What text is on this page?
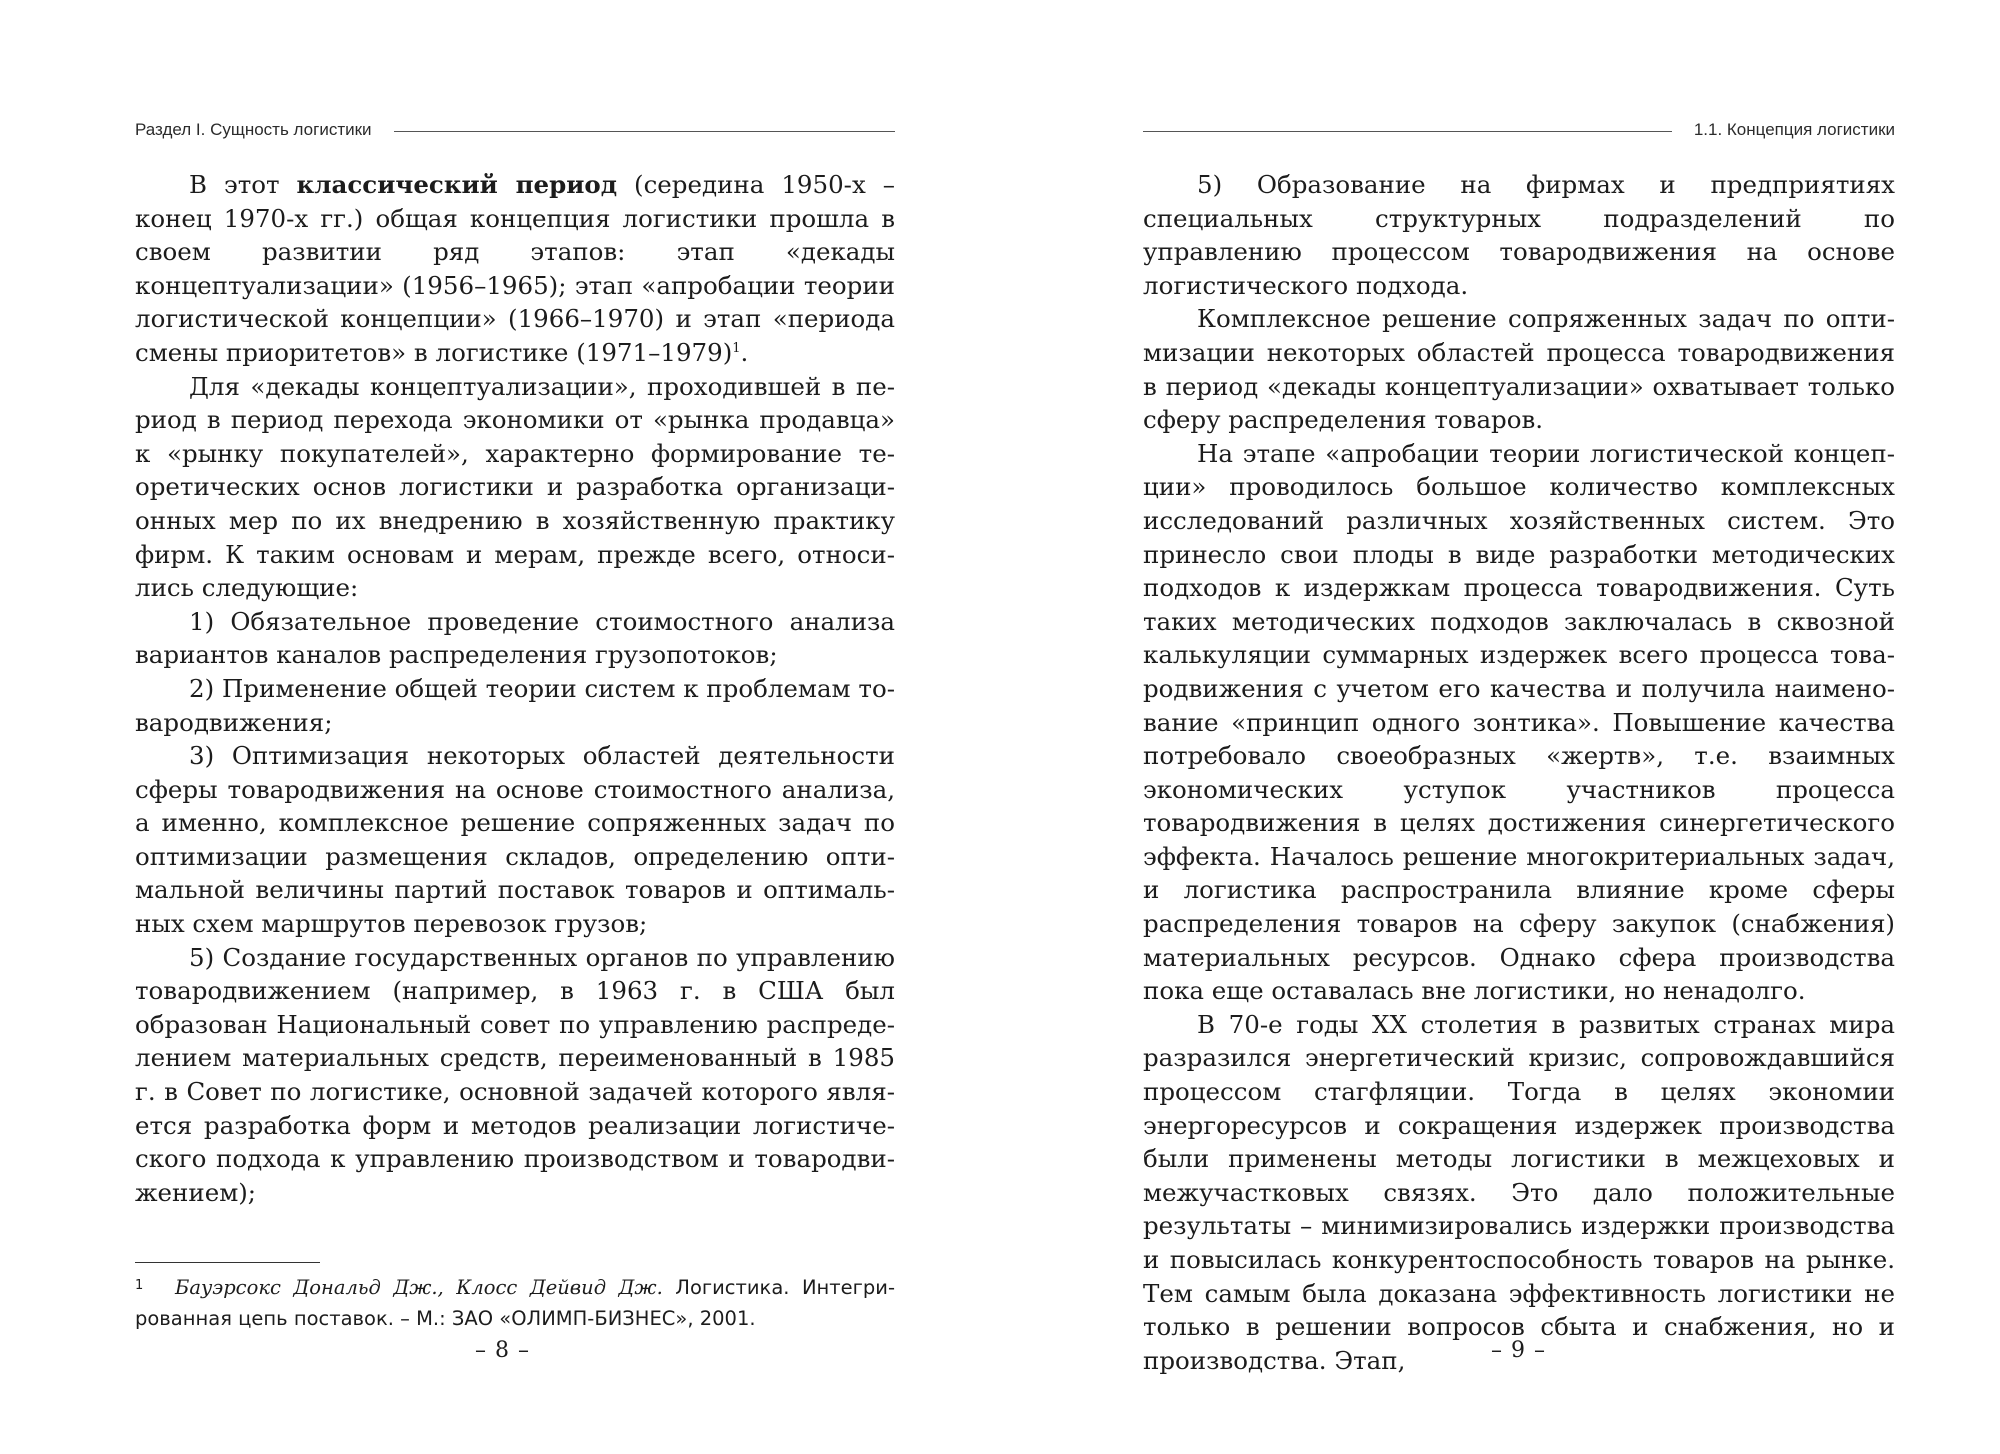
Раздел I. Сущность логистики

В этот классический период (середина 1950-х – конец 1970-х гг.) общая концепция логистики прошла в своем развитии ряд этапов: этап «декады концептуализации» (1956–1965); этап «апробации теории логистической концепции» (1966–1970) и этап «периода смены приоритетов» в логистике (1971–1979)$^1$.

Для «декады концептуализации», проходившей в период в период перехода экономики от «рынка продавца» к «рынку покупателей», характерно формирование теоретических основ логистики и разработка организационных мер по их внедрению в хозяйственную практику фирм. К таким основам и мерам, прежде всего, относились следующие:

1) Обязательное проведение стоимостного анализа вариантов каналов распределения грузопотоков;

2) Применение общей теории систем к проблемам товародвижения;

3) Оптимизация некоторых областей деятельности сферы товародвижения на основе стоимостного анализа, а именно, комплексное решение сопряженных задач по оптимизации размещения складов, определению оптимальной величины партий поставок товаров и оптимальных схем маршрутов перевозок грузов;

5) Создание государственных органов по управлению товародвижением (например, в 1963 г. в США был образован Национальный совет по управлению распределением материальных средств, переименованный в 1985 г. в Совет по логистике, основной задачей которого является разработка форм и методов реализации логистического подхода к управлению производством и товародвижением);

1	Бауэрсокс Дональд Дж., Клосс Дейвид Дж. Логистика. Интегрированная цепь поставок. – М.: ЗАО «ОЛИМП-БИЗНЕС», 2001.

– 8 –
1.1. Концепция логистики

5) Образование на фирмах и предприятиях специальных структурных подразделений по управлению процессом товародвижения на основе логистического подхода.

Комплексное решение сопряженных задач по оптимизации некоторых областей процесса товародвижения в период «декады концептуализации» охватывает только сферу распределения товаров.

На этапе «апробации теории логистической концепции» проводилось большое количество комплексных исследований различных хозяйственных систем. Это принесло свои плоды в виде разработки методических подходов к издержкам процесса товародвижения. Суть таких методических подходов заключалась в сквозной калькуляции суммарных издержек всего процесса товародвижения с учетом его качества и получила наименование «принцип одного зонтика». Повышение качества потребовало своеобразных «жертв», т.е. взаимных экономических уступок участников процесса товародвижения в целях достижения синергетического эффекта. Началось решение многокритериальных задач, и логистика распространила влияние кроме сферы распределения товаров на сферу закупок (снабжения) материальных ресурсов. Однако сфера производства пока еще оставалась вне логистики, но ненадолго.

В 70-е годы XX столетия в развитых странах мира разразился энергетический кризис, сопровождавшийся процессом стагфляции. Тогда в целях экономии энергоресурсов и сокращения издержек производства были применены методы логистики в межцеховых и межучастковых связях. Это дало положительные результаты – минимизировались издержки производства и повысилась конкурентоспособность товаров на рынке. Тем самым была доказана эффективность логистики не только в решении вопросов сбыта и снабжения, но и производства. Этап,	– 9 –
